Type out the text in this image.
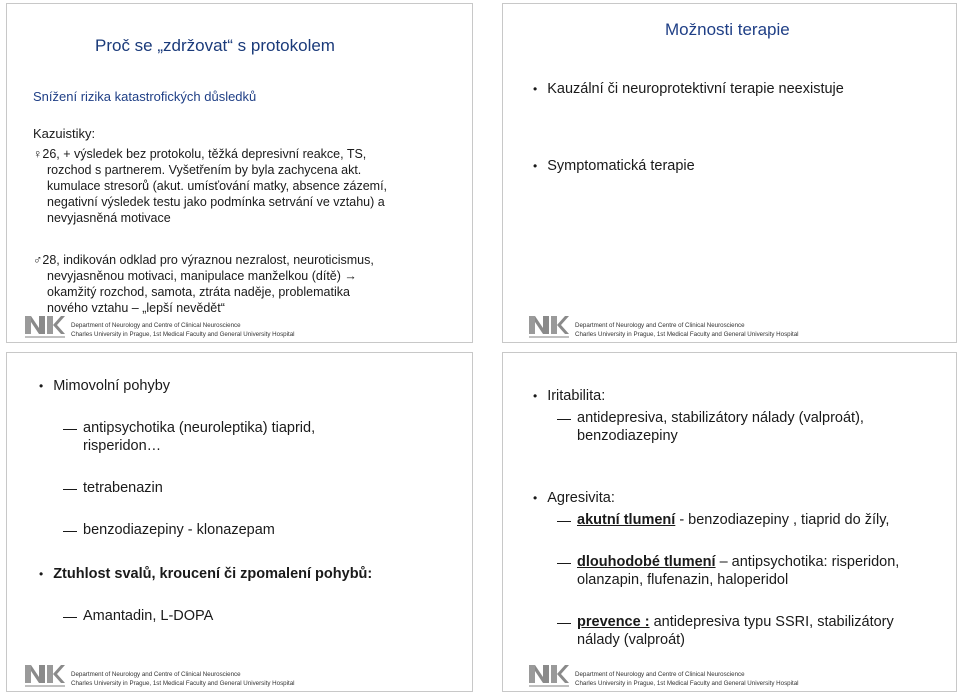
Proč se „zdržovat“ s protokolem
Snížení rizika katastrofických důsledků
Kazuistiky:
♀26, + výsledek bez protokolu, těžká depresivní reakce, TS,
rozchod s partnerem. Vyšetřením by byla zachycena akt.
kumulace stresorů (akut. umísťování matky, absence zázemí,
negativní výsledek testu jako podmínka setrvání ve vztahu) a
nevyjasněná motivace
♂28, indikován odklad pro výraznou nezralost, neuroticismus,
nevyjasněnou motivaci, manipulace manželkou (dítě) →
okamžitý rozchod, samota, ztráta naděje, problematika
nového vztahu – „lepší nevědět“
Department of Neurology and Centre of Clinical Neuroscience
Charles University in Prague, 1st Medical Faculty and General University Hospital
Možnosti terapie
• Kauzální či neuroprotektivní terapie neexistuje
• Symptomatická terapie
Department of Neurology and Centre of Clinical Neuroscience
Charles University in Prague, 1st Medical Faculty and General University Hospital
• Mimovolní pohyby
antipsychotika (neuroleptika) tiaprid,
risperidon…
tetrabenazin
benzodiazepiny - klonazepam
• Ztuhlost svalů, kroucení či zpomalení pohybů:
Amantadin, L-DOPA
Department of Neurology and Centre of Clinical Neuroscience
Charles University in Prague, 1st Medical Faculty and General University Hospital
• Iritabilita:
antidepresiva, stabilizátory nálady (valproát),
benzodiazepiny
• Agresivita:
akutní tlumení - benzodiazepiny , tiaprid do žíly,
dlouhodobé tlumení – antipsychotika: risperidon,
olanzapin, flufenazin, haloperidol
prevence : antidepresiva typu SSRI, stabilizátory
nálady (valproát)
Department of Neurology and Centre of Clinical Neuroscience
Charles University in Prague, 1st Medical Faculty and General University Hospital
